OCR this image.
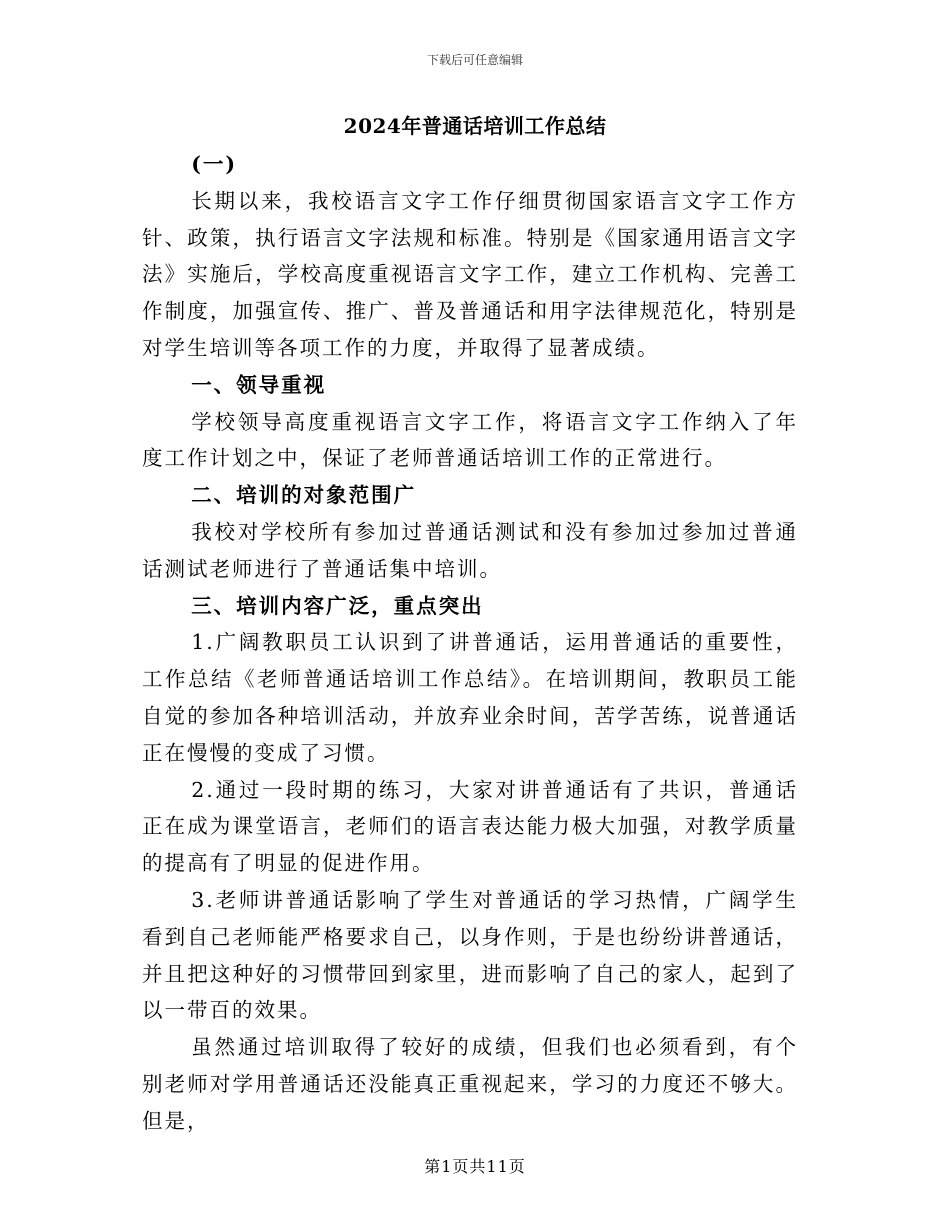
下载后可任意编辑
2024年普通话培训工作总结

(一)

长期以来，我校语言文字工作仔细贯彻国家语言文字工作方针、政策，执行语言文字法规和标准。特别是《国家通用语言文字法》实施后，学校高度重视语言文字工作，建立工作机构、完善工作制度，加强宣传、推广、普及普通话和用字法律规范化，特别是对学生培训等各项工作的力度，并取得了显著成绩。

一、领导重视

学校领导高度重视语言文字工作，将语言文字工作纳入了年度工作计划之中，保证了老师普通话培训工作的正常进行。

二、培训的对象范围广

我校对学校所有参加过普通话测试和没有参加过参加过普通话测试老师进行了普通话集中培训。

三、培训内容广泛，重点突出

1.广阔教职员工认识到了讲普通话，运用普通话的重要性，工作总结《老师普通话培训工作总结》。在培训期间，教职员工能自觉的参加各种培训活动，并放弃业余时间，苦学苦练，说普通话正在慢慢的变成了习惯。

2.通过一段时期的练习，大家对讲普通话有了共识，普通话正在成为课堂语言，老师们的语言表达能力极大加强，对教学质量的提高有了明显的促进作用。

3.老师讲普通话影响了学生对普通话的学习热情，广阔学生看到自己老师能严格要求自己，以身作则，于是也纷纷讲普通话，并且把这种好的习惯带回到家里，进而影响了自己的家人，起到了以一带百的效果。

虽然通过培训取得了较好的成绩，但我们也必须看到，有个别老师对学用普通话还没能真正重视起来，学习的力度还不够大。但是，

第1页共11页
